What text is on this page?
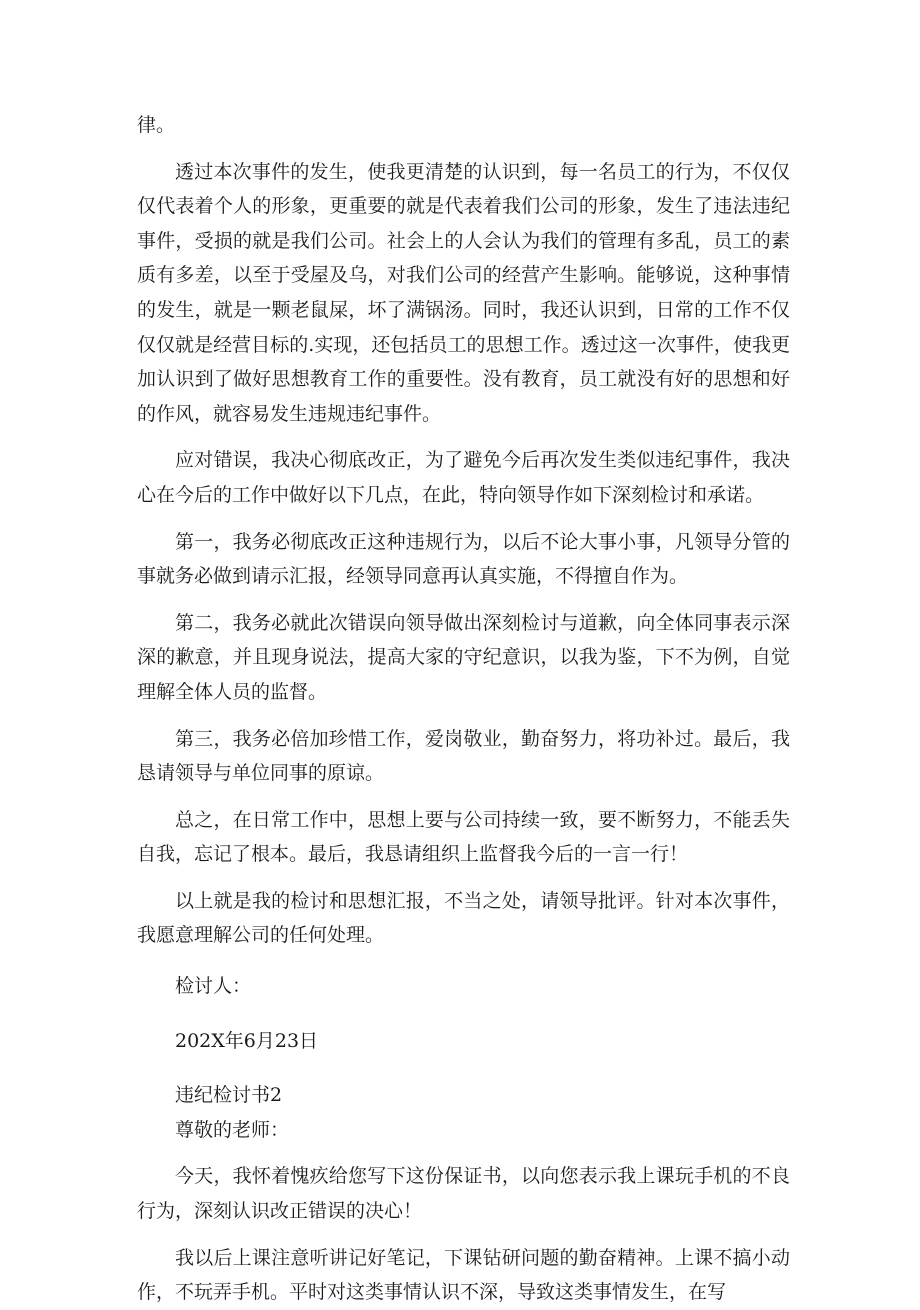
律。

透过本次事件的发生，使我更清楚的认识到，每一名员工的行为，不仅仅仅代表着个人的形象，更重要的就是代表着我们公司的形象，发生了违法违纪事件，受损的就是我们公司。社会上的人会认为我们的管理有多乱，员工的素质有多差，以至于受屋及乌，对我们公司的经营产生影响。能够说，这种事情的发生，就是一颗老鼠屎，坏了满锅汤。同时，我还认识到，日常的工作不仅仅仅就是经营目标的.实现，还包括员工的思想工作。透过这一次事件，使我更加认识到了做好思想教育工作的重要性。没有教育，员工就没有好的思想和好的作风，就容易发生违规违纪事件。

应对错误，我决心彻底改正，为了避免今后再次发生类似违纪事件，我决心在今后的工作中做好以下几点，在此，特向领导作如下深刻检讨和承诺。

第一，我务必彻底改正这种违规行为，以后不论大事小事，凡领导分管的事就务必做到请示汇报，经领导同意再认真实施，不得擅自作为。

第二，我务必就此次错误向领导做出深刻检讨与道歉，向全体同事表示深深的歉意，并且现身说法，提高大家的守纪意识，以我为鉴，下不为例，自觉理解全体人员的监督。

第三，我务必倍加珍惜工作，爱岗敬业，勤奋努力，将功补过。最后，我恳请领导与单位同事的原谅。

总之，在日常工作中，思想上要与公司持续一致，要不断努力，不能丢失自我，忘记了根本。最后，我恳请组织上监督我今后的一言一行！

以上就是我的检讨和思想汇报，不当之处，请领导批评。针对本次事件，我愿意理解公司的任何处理。

检讨人：

202X年6月23日

违纪检讨书2

尊敬的老师：

今天，我怀着愧疚给您写下这份保证书，以向您表示我上课玩手机的不良行为，深刻认识改正错误的决心！

我以后上课注意听讲记好笔记，下课钻研问题的勤奋精神。上课不搞小动作，不玩弄手机。平时对这类事情认识不深，导致这类事情发生，在写
